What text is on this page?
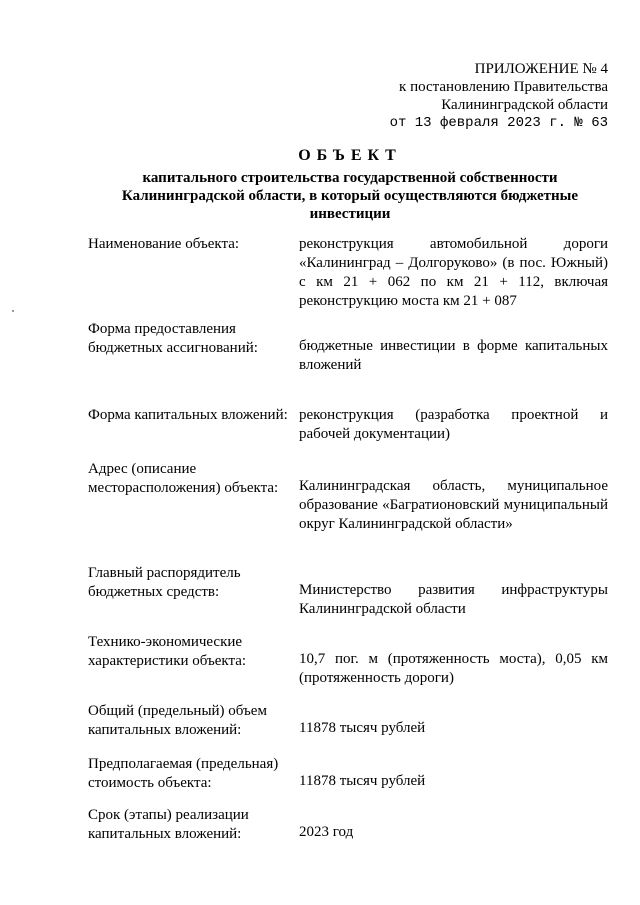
ПРИЛОЖЕНИЕ № 4
к постановлению Правительства
Калининградской области
от 13 февраля 2023 г. № 63
ОБЪЕКТ
капитального строительства государственной собственности Калининградской области, в который осуществляются бюджетные инвестиции
Наименование объекта:	реконструкция автомобильной дороги «Калининград – Долгоруково» (в пос. Южный) с км 21 + 062 по км 21 + 112, включая реконструкцию моста км 21 + 087
Форма предоставления бюджетных ассигнований:	бюджетные инвестиции в форме капитальных вложений
Форма капитальных вложений: реконструкция (разработка проектной и рабочей документации)
Адрес (описание месторасположения) объекта:	Калининградская область, муниципальное образование «Багратионовский муниципальный округ Калининградской области»
Главный распорядитель бюджетных средств:	Министерство развития инфраструктуры Калининградской области
Технико-экономические характеристики объекта:	10,7 пог. м (протяженность моста), 0,05 км (протяженность дороги)
Общий (предельный) объем капитальных вложений:	11878 тысяч рублей
Предполагаемая (предельная) стоимость объекта:	11878 тысяч рублей
Срок (этапы) реализации капитальных вложений:	2023 год
